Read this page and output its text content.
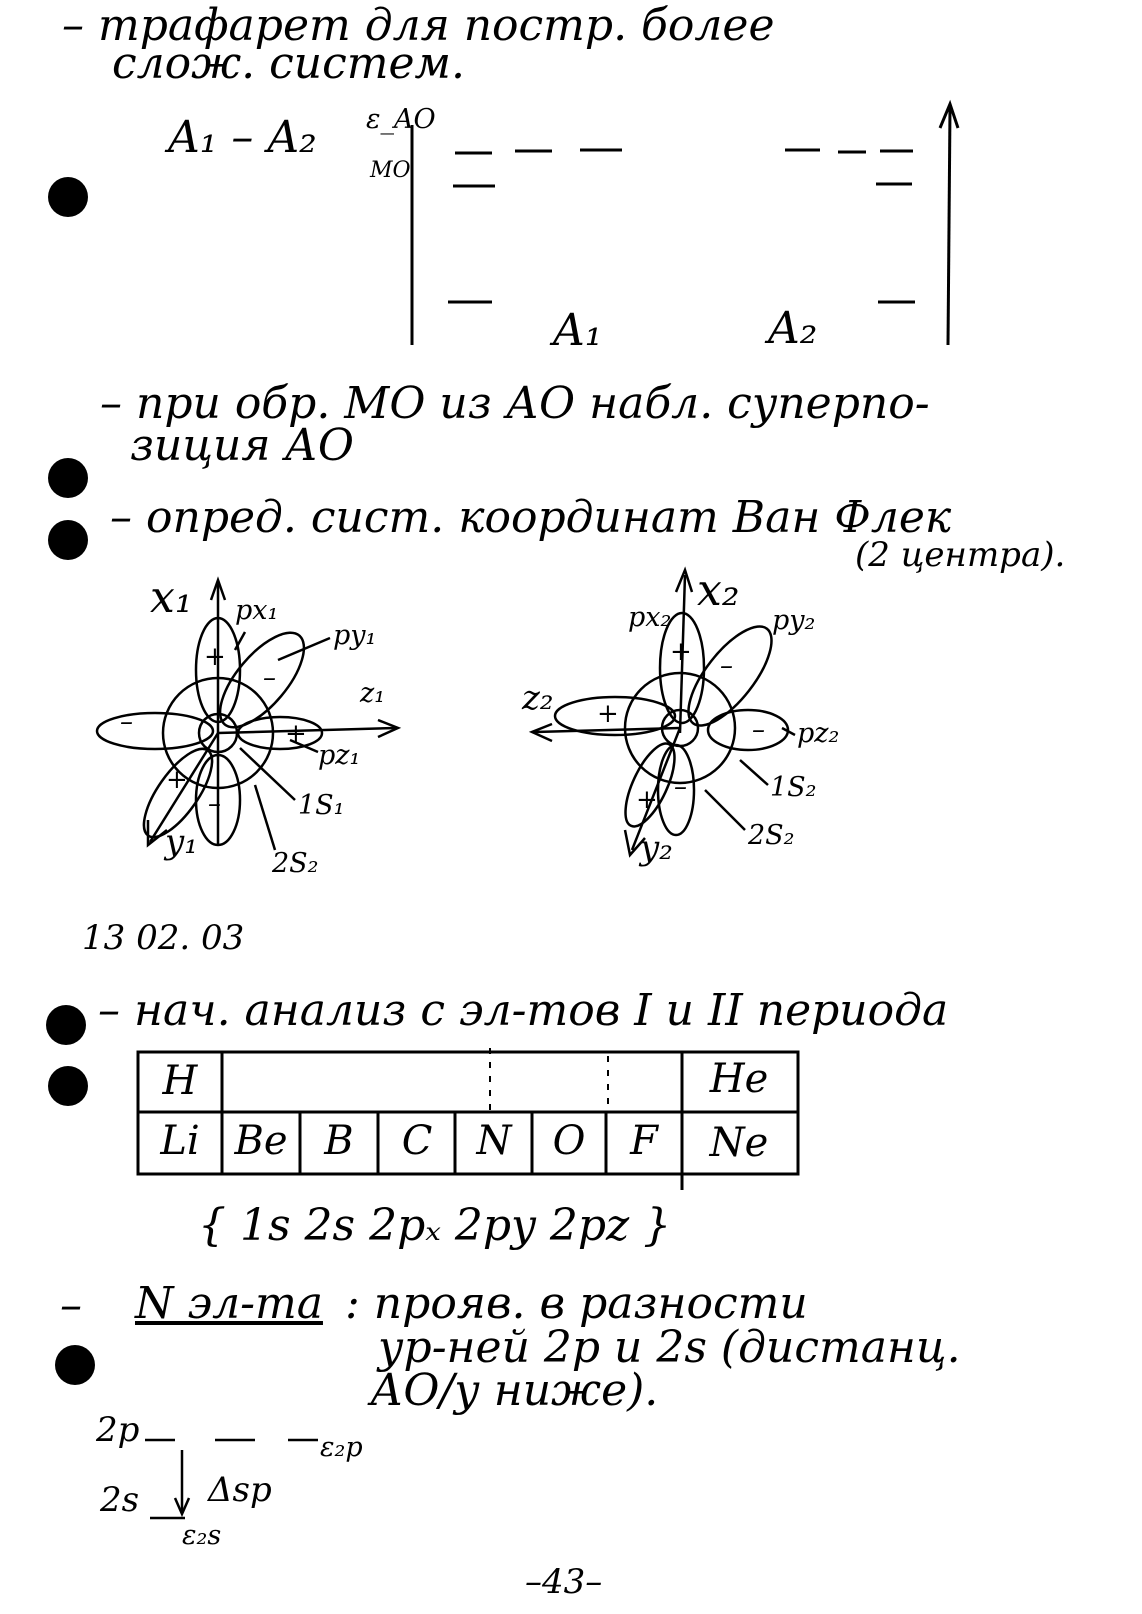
– трафарет для постр. более
слож. систем.
A₁ – A₂ ε_AO
MO
A₁	A₂
– при обр. МО из АО набл. суперпо-
зиция АО
– опред. сист. координат Ван Флек
(2 центра).
+
–
–	+
–
+
x₁ px₁
py₁
z₁
pz₁
1S₁
y₁
2S₂
+ –
+
–
–
+
x₂
px₂	py₂
z₂
pz₂
1S₂
2S₂
y₂
13 02. 03
– нач. анализ с эл-тов I и II периода
H	He
Li Be B	C	N	O	F	Ne
{ 1s 2s 2pₓ 2py 2pz }
– N эл-та : прояв. в разности
ур-ней 2p и 2s (дистанц.
АО/у ниже).
2p	ε₂p
2s Δsp
ε₂s
–43–
